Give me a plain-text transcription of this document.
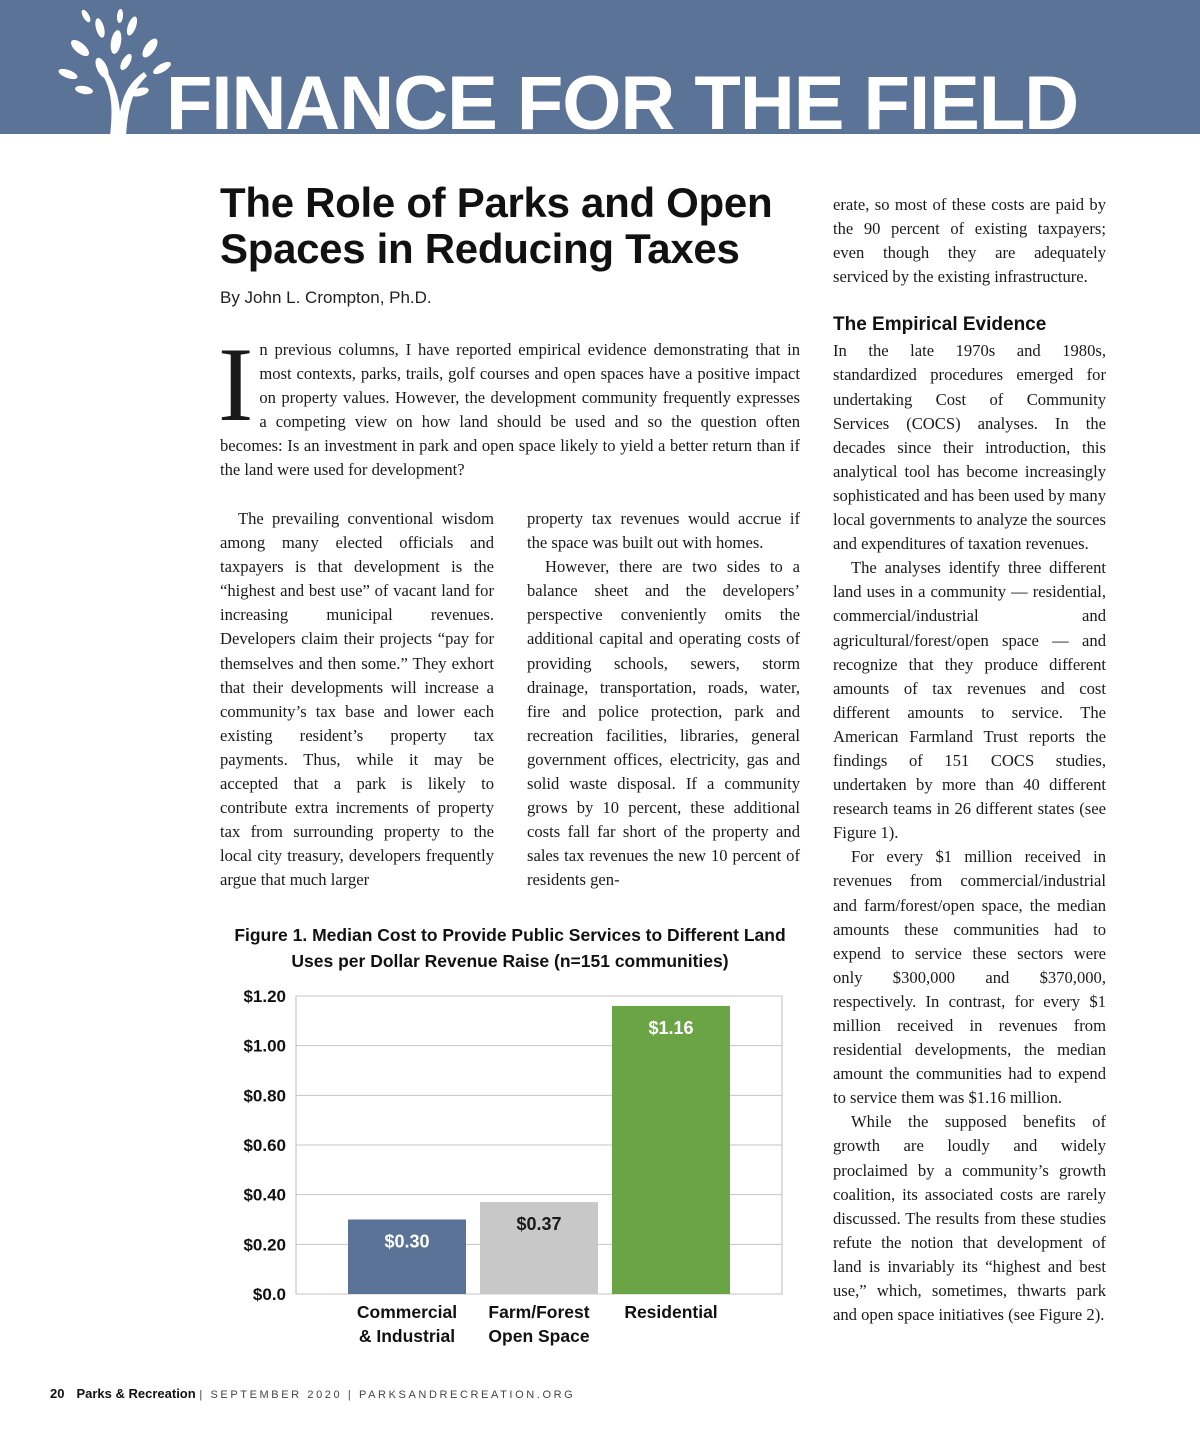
FINANCE FOR THE FIELD
The Role of Parks and Open Spaces in Reducing Taxes
By John L. Crompton, Ph.D.
In previous columns, I have reported empirical evidence demonstrating that in most contexts, parks, trails, golf courses and open spaces have a positive impact on property values. However, the development community frequently expresses a competing view on how land should be used and so the question often becomes: Is an investment in park and open space likely to yield a better return than if the land were used for development?

The prevailing conventional wisdom among many elected officials and taxpayers is that development is the “highest and best use” of vacant land for increasing municipal revenues. Developers claim their projects “pay for themselves and then some.” They exhort that their developments will increase a community’s tax base and lower each existing resident’s property tax payments. Thus, while it may be accepted that a park is likely to contribute extra increments of property tax from surrounding property to the local city treasury, developers frequently argue that much larger

property tax revenues would accrue if the space was built out with homes.

However, there are two sides to a balance sheet and the developers’ perspective conveniently omits the additional capital and operating costs of providing schools, sewers, storm drainage, transportation, roads, water, fire and police protection, park and recreation facilities, libraries, general government offices, electricity, gas and solid waste disposal. If a community grows by 10 percent, these additional costs fall far short of the property and sales tax revenues the new 10 percent of residents gen-

erate, so most of these costs are paid by the 90 percent of existing taxpayers; even though they are adequately serviced by the existing infrastructure.

The Empirical Evidence

In the late 1970s and 1980s, standardized procedures emerged for undertaking Cost of Community Services (COCS) analyses. In the decades since their introduction, this analytical tool has become increasingly sophisticated and has been used by many local governments to analyze the sources and expenditures of taxation revenues.

The analyses identify three different land uses in a community — residential, commercial/industrial and agricultural/forest/open space — and recognize that they produce different amounts of tax revenues and cost different amounts to service. The American Farmland Trust reports the findings of 151 COCS studies, undertaken by more than 40 different research teams in 26 different states (see Figure 1).

For every $1 million received in revenues from commercial/industrial and farm/forest/open space, the median amounts these communities had to expend to service these sectors were only $300,000 and $370,000, respectively. In contrast, for every $1 million received in revenues from residential developments, the median amount the communities had to expend to service them was $1.16 million.

While the supposed benefits of growth are loudly and widely proclaimed by a community’s growth coalition, its associated costs are rarely discussed. The results from these studies refute the notion that development of land is invariably its “highest and best use,” which, sometimes, thwarts park and open space initiatives (see Figure 2).

Figure 1. Median Cost to Provide Public Services to Different Land Uses per Dollar Revenue Raise (n=151 communities)
$0.0
$0.20
$0.40
$0.60
$0.80
$1.00
$1.20
$0.30
Commercial
& Industrial
$0.37
Farm/Forest
Open Space
$1.16
Residential
20 Parks & Recreation | SEPTEMBER 2020 | PARKSANDRECREATION.ORG
